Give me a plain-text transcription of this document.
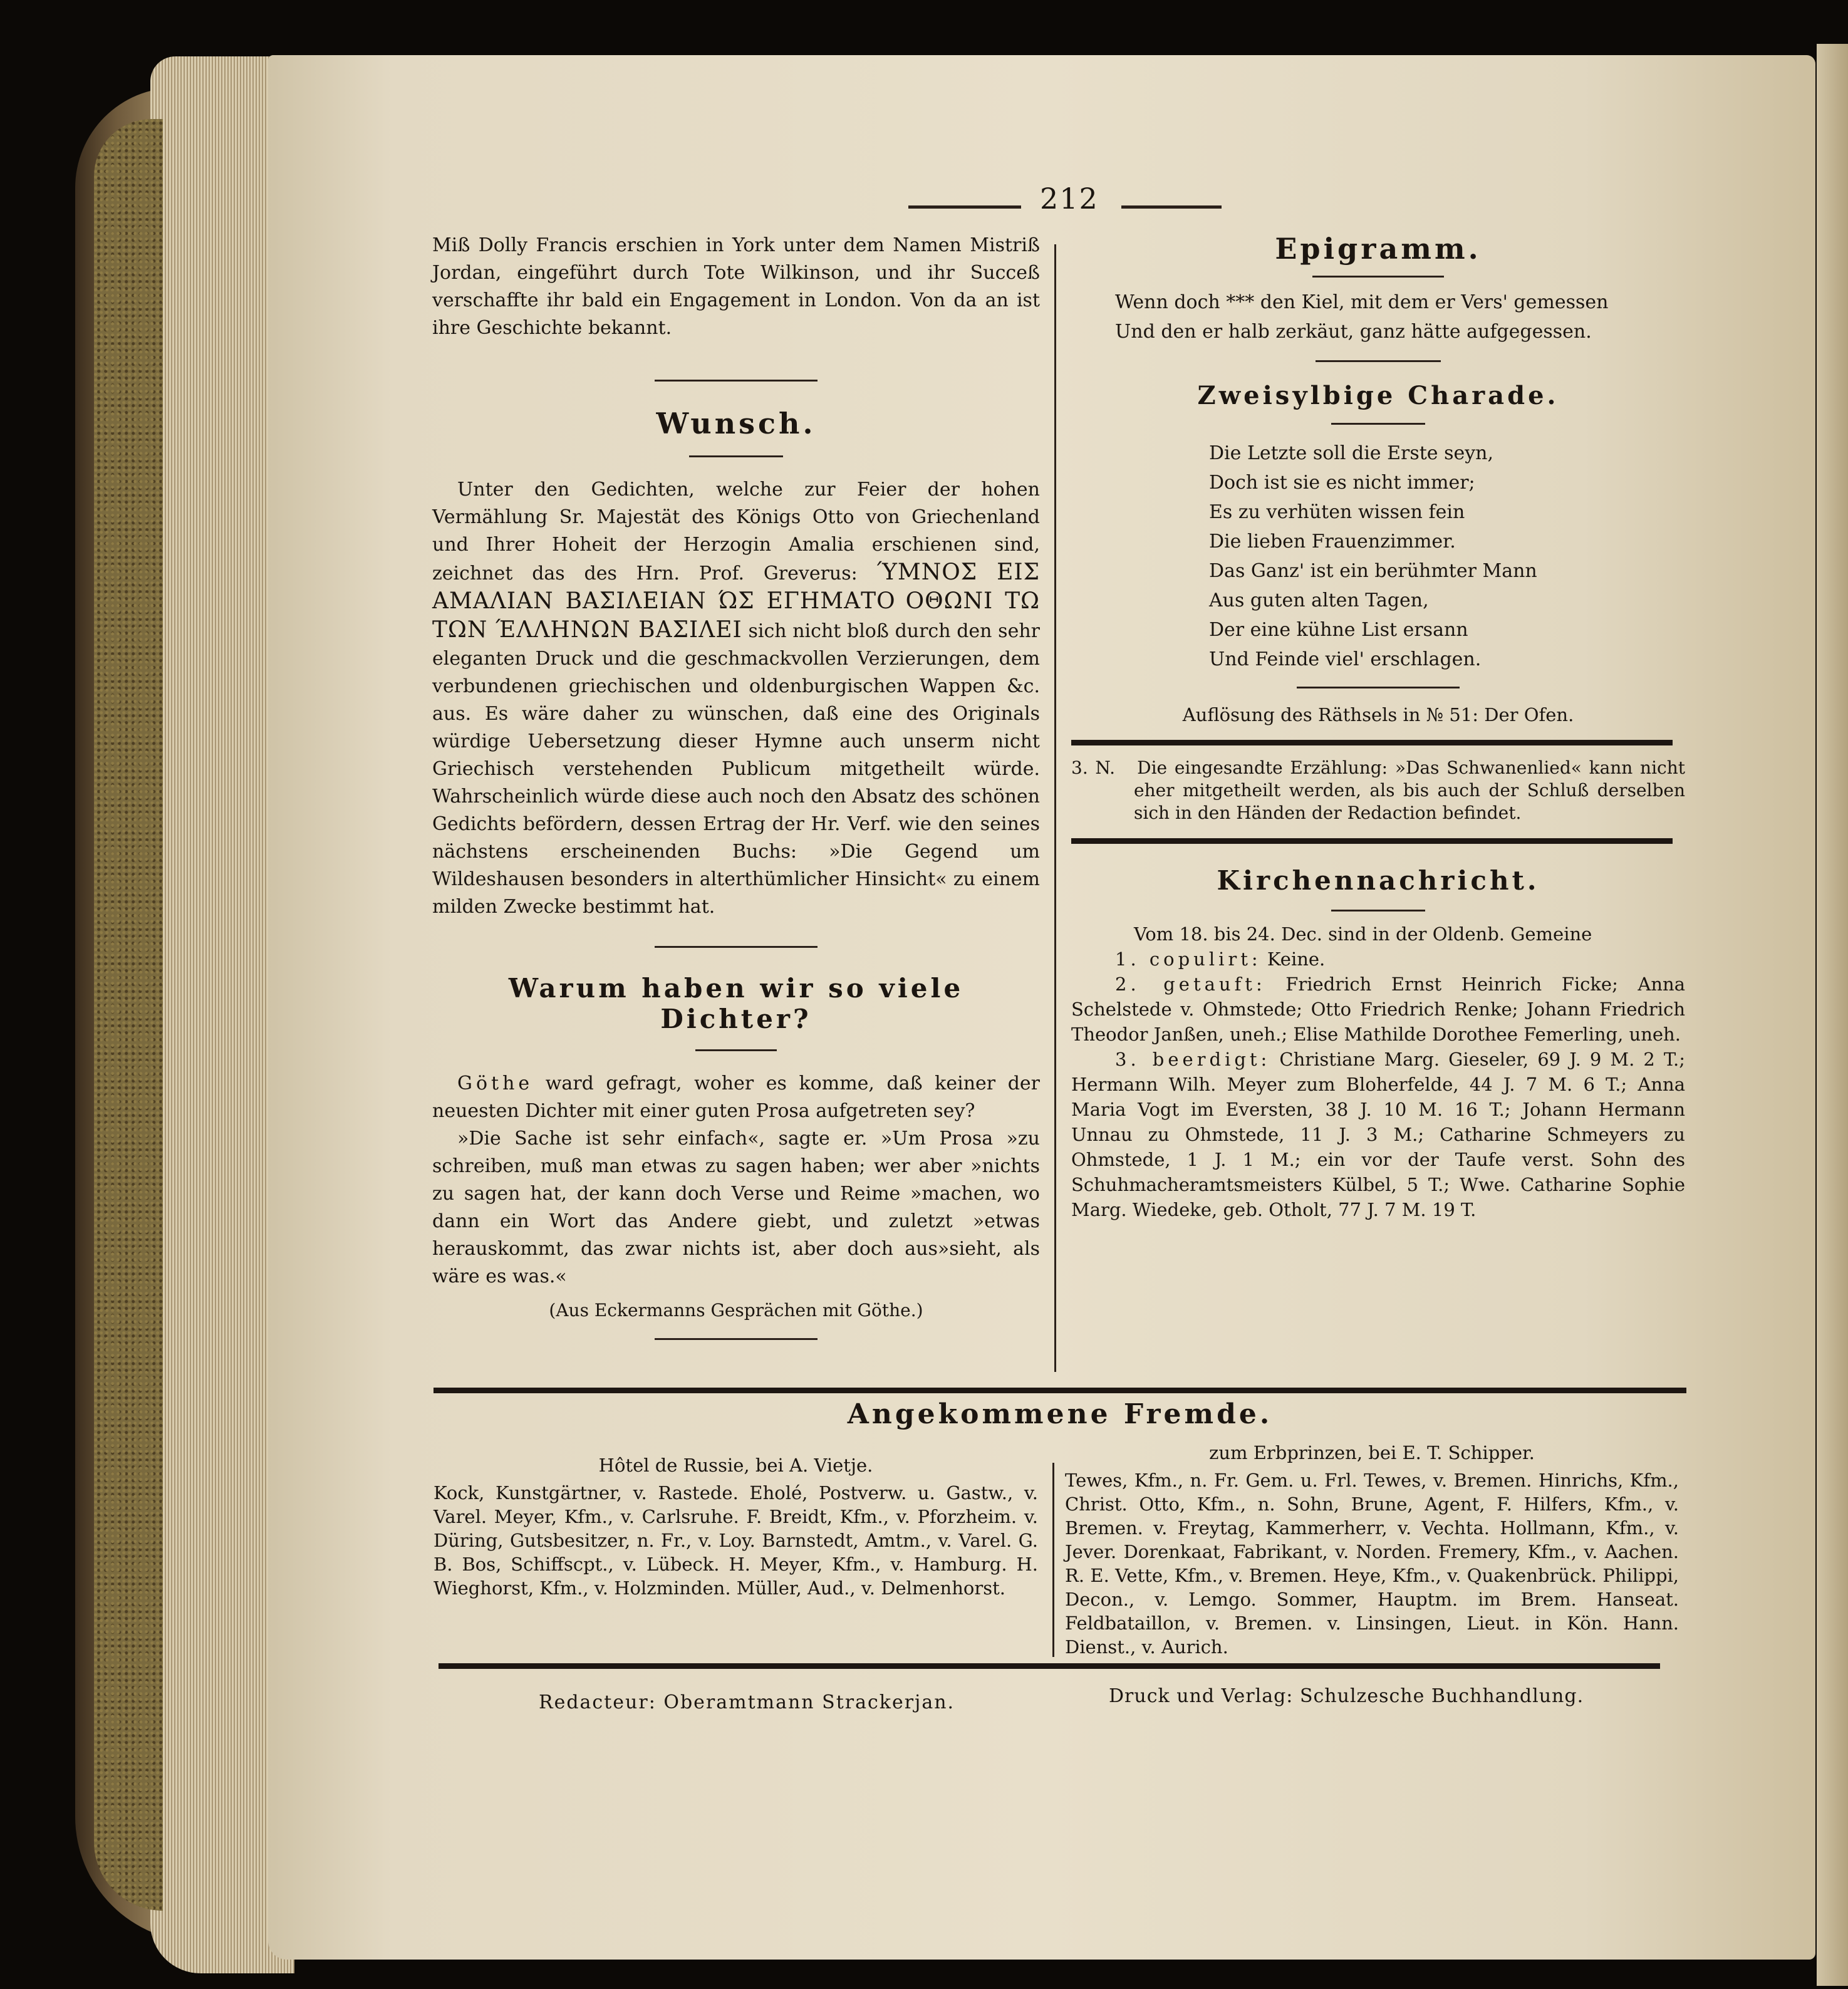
212

Miß Dolly Francis erschien in York unter dem Namen Mistriß Jordan, eingeführt durch Tote Wilkinson, und ihr Succeß verschaffte ihr bald ein Engagement in London. Von da an ist ihre Geschichte bekannt.

Wunsch.

Unter den Gedichten, welche zur Feier der hohen Vermählung Sr. Majestät des Königs Otto von Griechenland und Ihrer Hoheit der Herzogin Amalia erschienen sind, zeichnet das des Hrn. Prof. Greverus: ΎΜΝΟΣ ΕΙΣ ΑΜΑΛΙΑΝ ΒΑΣΙΛΕΙΑΝ ΏΣ ΕΓΗΜΑΤΟ ΟΘΩΝΙ ΤΩ ΤΩΝ ΈΛΛΗΝΩΝ ΒΑΣΙΛΕΙ sich nicht bloß durch den sehr eleganten Druck und die geschmackvollen Verzierungen, dem verbundenen griechischen und oldenburgischen Wappen &c. aus. Es wäre daher zu wünschen, daß eine des Originals würdige Uebersetzung dieser Hymne auch unserm nicht Griechisch verstehenden Publicum mitgetheilt würde. Wahrscheinlich würde diese auch noch den Absatz des schönen Gedichts befördern, dessen Ertrag der Hr. Verf. wie den seines nächstens erscheinenden Buchs: »Die Gegend um Wildeshausen besonders in alterthümlicher Hinsicht« zu einem milden Zwecke bestimmt hat.

Warum haben wir so viele Dichter?

Göthe ward gefragt, woher es komme, daß keiner der neuesten Dichter mit einer guten Prosa aufgetreten sey?

»Die Sache ist sehr einfach«, sagte er. »Um Prosa »zu schreiben, muß man etwas zu sagen haben; wer aber »nichts zu sagen hat, der kann doch Verse und Reime »machen, wo dann ein Wort das Andere giebt, und zuletzt »etwas herauskommt, das zwar nichts ist, aber doch aus»sieht, als wäre es was.«

(Aus Eckermanns Gesprächen mit Göthe.)

Epigramm.

Wenn doch *** den Kiel, mit dem er Vers' gemessen

Und den er halb zerkäut, ganz hätte aufgegessen.

Zweisylbige Charade.

Die Letzte soll die Erste seyn,

Doch ist sie es nicht immer;

Es zu verhüten wissen fein

Die lieben Frauenzimmer.

Das Ganz' ist ein berühmter Mann

Aus guten alten Tagen,

Der eine kühne List ersann

Und Feinde viel' erschlagen.

Auflösung des Räthsels in № 51: Der Ofen.

3. N. Die eingesandte Erzählung: »Das Schwanenlied« kann nicht eher mitgetheilt werden, als bis auch der Schluß derselben sich in den Händen der Redaction befindet.

Kirchennachricht.

Vom 18. bis 24. Dec. sind in der Oldenb. Gemeine

1. copulirt: Keine.

2. getauft: Friedrich Ernst Heinrich Ficke; Anna Schelstede v. Ohmstede; Otto Friedrich Renke; Johann Friedrich Theodor Janßen, uneh.; Elise Mathilde Dorothee Femerling, uneh.

3. beerdigt: Christiane Marg. Gieseler, 69 J. 9 M. 2 T.; Hermann Wilh. Meyer zum Bloherfelde, 44 J. 7 M. 6 T.; Anna Maria Vogt im Eversten, 38 J. 10 M. 16 T.; Johann Hermann Unnau zu Ohmstede, 11 J. 3 M.; Catharine Schmeyers zu Ohmstede, 1 J. 1 M.; ein vor der Taufe verst. Sohn des Schuhmacheramtsmeisters Külbel, 5 T.; Wwe. Catharine Sophie Marg. Wiedeke, geb. Otholt, 77 J. 7 M. 19 T.

Angekommene Fremde.

Hôtel de Russie, bei A. Vietje.

Kock, Kunstgärtner, v. Rastede. Eholé, Postverw. u. Gastw., v. Varel. Meyer, Kfm., v. Carlsruhe. F. Breidt, Kfm., v. Pforzheim. v. Düring, Gutsbesitzer, n. Fr., v. Loy. Barnstedt, Amtm., v. Varel. G. B. Bos, Schiffscpt., v. Lübeck. H. Meyer, Kfm., v. Hamburg. H. Wieghorst, Kfm., v. Holzminden. Müller, Aud., v. Delmenhorst.

zum Erbprinzen, bei E. T. Schipper.

Tewes, Kfm., n. Fr. Gem. u. Frl. Tewes, v. Bremen. Hinrichs, Kfm., Christ. Otto, Kfm., n. Sohn, Brune, Agent, F. Hilfers, Kfm., v. Bremen. v. Freytag, Kammerherr, v. Vechta. Hollmann, Kfm., v. Jever. Dorenkaat, Fabrikant, v. Norden. Fremery, Kfm., v. Aachen. R. E. Vette, Kfm., v. Bremen. Heye, Kfm., v. Quakenbrück. Philippi, Decon., v. Lemgo. Sommer, Hauptm. im Brem. Hanseat. Feldbataillon, v. Bremen. v. Linsingen, Lieut. in Kön. Hann. Dienst., v. Aurich.

Redacteur: Oberamtmann Strackerjan.	Druck und Verlag: Schulzesche Buchhandlung.
